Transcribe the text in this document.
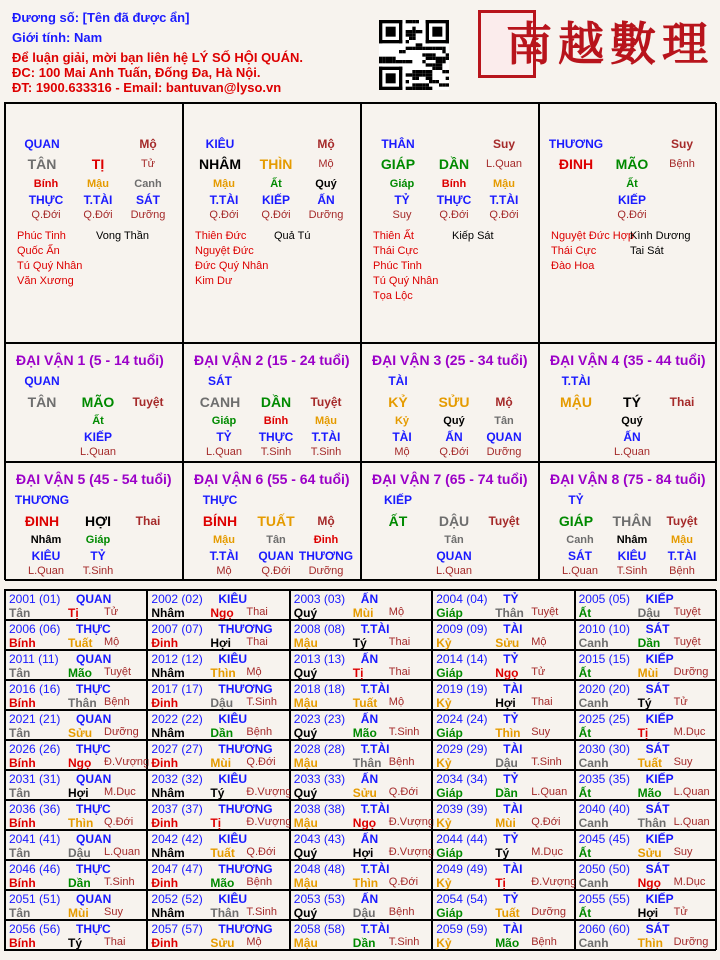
Đương số: [Tên đã được ẩn]
Giới tính: Nam
Để luận giải, mời bạn liên hệ LÝ SỐ HỘI QUÁN.
ĐC: 100 Mai Anh Tuấn, Đống Đa, Hà Nội.
ĐT: 1900.633316 - Email: bantuvan@lyso.vn
南越數理
QUAN	Mộ
TÂN	TỊ	Tử
Bính
THỰC
Q.Đới
Mậu
T.TÀI
Q.Đới
Canh
SÁT
Dưỡng
Phúc Tinh
Quốc Ấn
Tú Quý Nhân
Văn Xương
Vong Thần
KIÊU	Mộ
NHÂM	THÌN	Mộ
Mậu
T.TÀI
Q.Đới
Ất
KIẾP
Q.Đới
Quý
ẤN
Dưỡng
Thiên Đức
Nguyệt Đức
Đức Quý Nhân
Kim Dư
Quả Tú
THÂN	Suy
GIÁP	DẦN	L.Quan
Giáp
TỶ
Suy
Bính
THỰC
Q.Đới
Mậu
T.TÀI
Q.Đới
Thiên Ất
Thái Cực
Phúc Tinh
Tú Quý Nhân
Tọa Lộc
Kiếp Sát
THƯƠNG	Suy
ĐINH	MÃO	Bệnh
Ất
KIẾP
Q.Đới
Nguyệt Đức Hợp
Thái Cực
Đào Hoa
Kình Dương
Tai Sát
ĐẠI VẬN 1 (5 - 14 tuổi)
QUAN
TÂN	MÃO	Tuyệt
Ất
KIẾP
L.Quan
ĐẠI VẬN 2 (15 - 24 tuổi)
SÁT
CANH	DẦN	Tuyệt
Giáp
TỶ
L.Quan
Bính
THỰC
T.Sinh
Mậu
T.TÀI
T.Sinh
ĐẠI VẬN 3 (25 - 34 tuổi)
TÀI
KỶ	SỬU	Mộ
Kỷ
TÀI
Mộ
Quý
ẤN
Q.Đới
Tân
QUAN
Dưỡng
ĐẠI VẬN 4 (35 - 44 tuổi)
T.TÀI
MẬU	TÝ	Thai
Quý
ẤN
L.Quan
ĐẠI VẬN 5 (45 - 54 tuổi)
THƯƠNG
ĐINH	HỢI	Thai
Nhâm
KIÊU
L.Quan
Giáp
TỶ
T.Sinh
ĐẠI VẬN 6 (55 - 64 tuổi)
THỰC
BÍNH	TUẤT	Mộ
Mậu
T.TÀI
Mộ
Tân
QUAN
Q.Đới
Đinh
THƯƠNG
Dưỡng
ĐẠI VẬN 7 (65 - 74 tuổi)
KIẾP
ẤT	DẬU	Tuyệt
Tân
QUAN
L.Quan
ĐẠI VẬN 8 (75 - 84 tuổi)
TỶ
GIÁP	THÂN	Tuyệt
Canh
SÁT
L.Quan
Nhâm
KIÊU
T.Sinh
Mậu
T.TÀI
Bệnh
2001 (01) QUAN
Tân	Tị Tử
2002 (02) KIÊU
Nhâm Ngọ Thai
2003 (03) ẤN
Quý	Mùi Mộ
2004 (04) TỶ
Giáp	Thân Tuyệt
2005 (05) KIẾP
Ất	Dậu Tuyệt
2006 (06) THỰC
Bính	Tuất Mộ
2007 (07) THƯƠNG
Đinh	Hợi Thai
2008 (08) T.TÀI
Mậu	Tý Thai
2009 (09) TÀI
Kỷ	Sửu Mộ
2010 (10) SÁT
Canh Dần Tuyệt
2011 (11) QUAN
Tân	Mão Tuyệt
2012 (12) KIÊU
Nhâm Thìn Mộ
2013 (13) ẤN
Quý	Tị Thai
2014 (14) TỶ
Giáp	Ngọ Tử
2015 (15) KIẾP
Ất	Mùi Dưỡng
2016 (16) THỰC
Bính	Thân Bệnh
2017 (17) THƯƠNG
Đinh	Dậu T.Sinh
2018 (18) T.TÀI
Mậu	Tuất Mộ
2019 (19) TÀI
Kỷ	Hợi Thai
2020 (20) SÁT
Canh Tý Tử
2021 (21) QUAN
Tân	Sửu Dưỡng
2022 (22) KIÊU
Nhâm Dần Bệnh
2023 (23) ẤN
Quý	Mão T.Sinh
2024 (24) TỶ
Giáp	Thìn Suy
2025 (25) KIẾP
Ất	Tị M.Dục
2026 (26) THỰC
Bính	Ngọ Đ.Vượng
2027 (27) THƯƠNG
Đinh	Mùi Q.Đới
2028 (28) T.TÀI
Mậu	Thân Bệnh
2029 (29) TÀI
Kỷ	Dậu T.Sinh
2030 (30) SÁT
Canh Tuất Suy
2031 (31) QUAN
Tân	Hợi M.Dục
2032 (32) KIÊU
Nhâm Tý Đ.Vượng
2033 (33) ẤN
Quý	Sửu Q.Đới
2034 (34) TỶ
Giáp	Dần L.Quan
2035 (35) KIẾP
Ất	Mão L.Quan
2036 (36) THỰC
Bính	Thìn Q.Đới
2037 (37) THƯƠNG
Đinh	Tị Đ.Vượng
2038 (38) T.TÀI
Mậu	Ngọ Đ.Vượng
2039 (39) TÀI
Kỷ	Mùi Q.Đới
2040 (40) SÁT
Canh Thân L.Quan
2041 (41) QUAN
Tân	Dậu L.Quan
2042 (42) KIÊU
Nhâm Tuất Q.Đới
2043 (43) ẤN
Quý	Hợi Đ.Vượng
2044 (44) TỶ
Giáp	Tý M.Dục
2045 (45) KIẾP
Ất	Sửu Suy
2046 (46) THỰC
Bính	Dần T.Sinh
2047 (47) THƯƠNG
Đinh	Mão Bệnh
2048 (48) T.TÀI
Mậu	Thìn Q.Đới
2049 (49) TÀI
Kỷ	Tị Đ.Vượng
2050 (50) SÁT
Canh Ngọ M.Dục
2051 (51) QUAN
Tân	Mùi Suy
2052 (52) KIÊU
Nhâm Thân T.Sinh
2053 (53) ẤN
Quý	Dậu Bệnh
2054 (54) TỶ
Giáp	Tuất Dưỡng
2055 (55) KIẾP
Ất	Hợi Tử
2056 (56) THỰC
Bính	Tý Thai
2057 (57) THƯƠNG
Đinh	Sửu Mộ
2058 (58) T.TÀI
Mậu	Dần T.Sinh
2059 (59) TÀI
Kỷ	Mão Bệnh
2060 (60) SÁT
Canh Thìn Dưỡng
